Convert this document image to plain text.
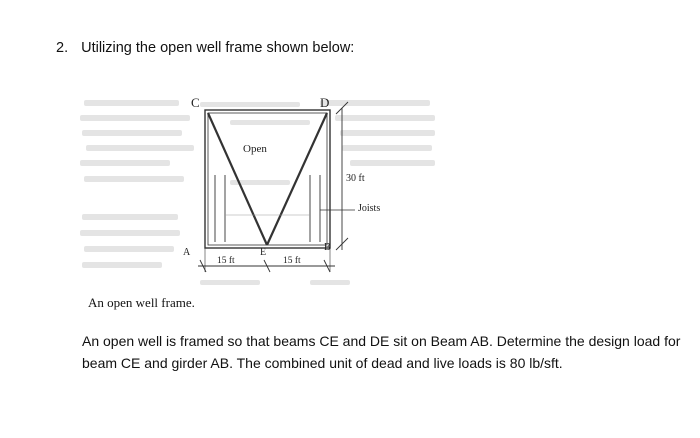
2. Utilizing the open well frame shown below:
C	D
Open
30 ft
Joists
A	E	B
15 ft	15 ft
An open well frame.
An open well is framed so that beams CE and DE sit on Beam AB. Determine the design load for beam CE and girder AB. The combined unit of dead and live loads is 80 lb/sft.
